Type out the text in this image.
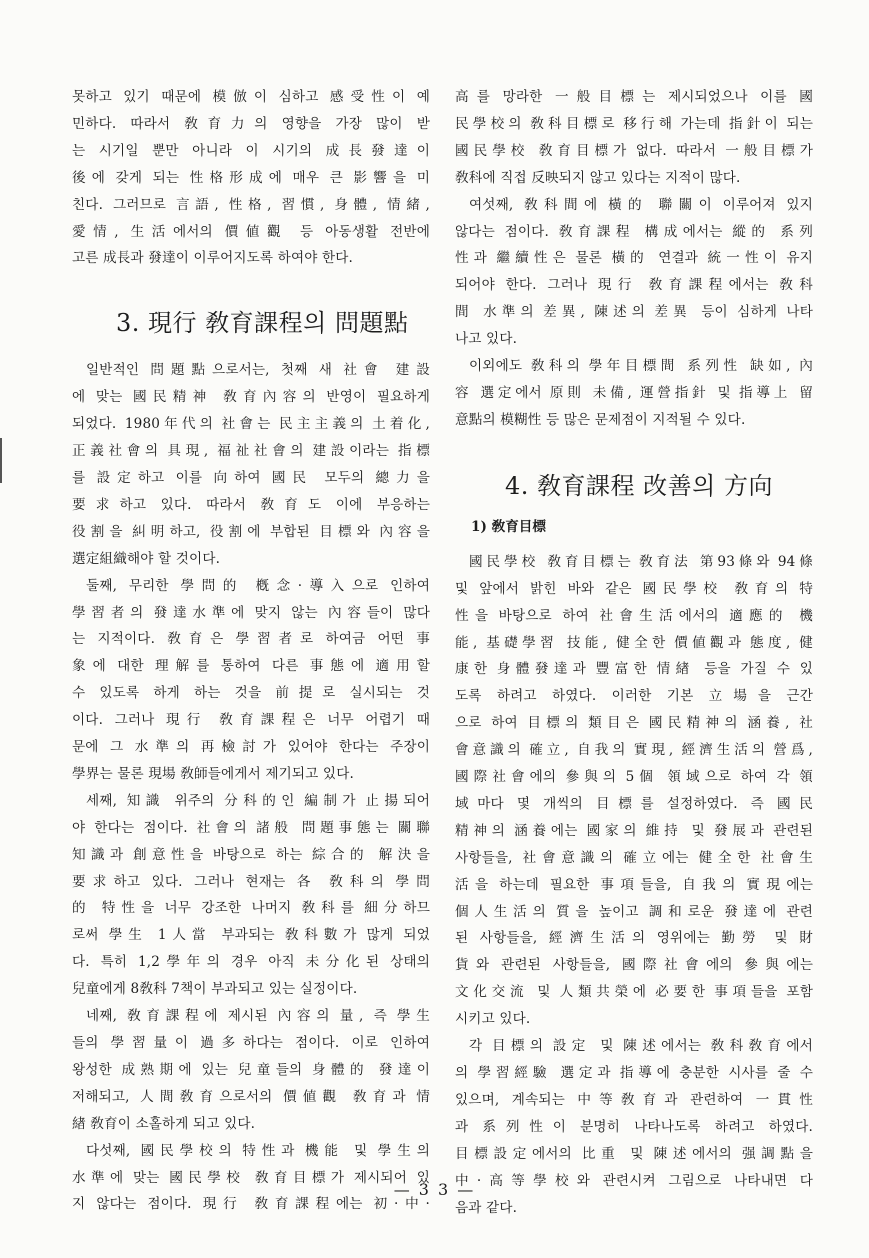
못하고 있기 때문에 模倣이 심하고 感受性이 예

민하다. 따라서 敎育力의 영향을 가장 많이 받

는 시기일 뿐만 아니라 이 시기의 成長發達이

後에 갖게 되는 性格形成에 매우 큰 影響을 미

친다. 그러므로 言語, 性格, 習慣, 身體, 情緒,

愛情, 生活에서의 價値觀 등 아동생활 전반에

고른 成長과 發達이 이루어지도록 하여야 한다.

3. 現行 敎育課程의 問題點

일반적인 問題點으로서는, 첫째 새 社會 建設

에 맞는 國民精神 敎育內容의 반영이 필요하게

되었다. 1980年代의 社會는 民主主義의 土着化,

正義社會의 具現, 福祉社會의 建設이라는 指標

를 設定하고 이를 向하여 國民 모두의 總力을

要求하고 있다. 따라서 敎育도 이에 부응하는

役割을 糾明하고, 役割에 부합된 目標와 內容을

選定組織해야 할 것이다.

둘째, 무리한 學問的 槪念·導入으로 인하여

學習者의 發達水準에 맞지 않는 內容들이 많다

는 지적이다. 敎育은 學習者로 하여금 어떤 事

象에 대한 理解를 통하여 다른 事態에 適用할

수 있도록 하게 하는 것을 前提로 실시되는 것

이다. 그러나 現行 敎育課程은 너무 어렵기 때

문에 그 水準의 再檢討가 있어야 한다는 주장이

學界는 물론 現場 敎師들에게서 제기되고 있다.

세째, 知識 위주의 分科的인 編制가 止揚되어

야 한다는 점이다. 社會의 諸般 問題事態는 關聯

知識과 創意性을 바탕으로 하는 綜合的 解決을

要求하고 있다. 그러나 현재는 各 敎科의 學問

的 特性을 너무 강조한 나머지 敎科를 細分하므

로써 學生 1人當 부과되는 敎科數가 많게 되었

다. 특히 1,2學年의 경우 아직 未分化된 상태의

兒童에게 8敎科 7책이 부과되고 있는 실정이다.

네째, 敎育課程에 제시된 內容의 量, 즉 學生

들의 學習量이 過多하다는 점이다. 이로 인하여

왕성한 成熟期에 있는 兒童들의 身體的 發達이

저해되고, 人間敎育으로서의 價値觀 敎育과 情

緖 敎育이 소홀하게 되고 있다.

다섯째, 國民學校의 特性과 機能 및 學生의

水準에 맞는 國民學校 敎育目標가 제시되어 있

지 않다는 점이다. 現行 敎育課程에는 初·中·

高를 망라한 一般目標는 제시되었으나 이를 國

民學校의 敎科目標로 移行해 가는데 指針이 되는

國民學校 敎育目標가 없다. 따라서 一般目標가

敎科에 직접 反映되지 않고 있다는 지적이 많다.

여섯째, 敎科間에 橫的 聯關이 이루어져 있지

않다는 점이다. 敎育課程 構成에서는 縱的 系列

性과 繼續性은 물론 橫的 연결과 統一性이 유지

되어야 한다. 그러나 現行 敎育課程에서는 敎科

間 水準의 差異, 陳述의 差異 등이 심하게 나타

나고 있다.

이외에도 敎科의 學年目標間 系列性 缺如, 內

容 選定에서 原則 未備, 運營指針 및 指導上 留

意點의 模糊性 등 많은 문제점이 지적될 수 있다.

4. 敎育課程 改善의 方向
1) 敎育目標

國民學校 敎育目標는 敎育法 第93條와 94條

및 앞에서 밝힌 바와 같은 國民學校 敎育의 特

性을 바탕으로 하여 社會生活에서의 適應的 機

能, 基礎學習 技能, 健全한 價値觀과 態度, 健

康한 身體發達과 豐富한 情緖 등을 가질 수 있

도록 하려고 하였다. 이러한 기본 立場을 근간

으로 하여 目標의 類目은 國民精神의 涵養, 社

會意識의 確立, 自我의 實現, 經濟生活의 營爲,

國際社會에의 參與의 5個 領域으로 하여 각 領

域마다 몇 개씩의 目標를 설정하였다. 즉 國民

精神의 涵養에는 國家의 維持 및 發展과 관련된

사항들을, 社會意識의 確立에는 健全한 社會生

活을 하는데 필요한 事項들을, 自我의 實現에는

個人生活의 質을 높이고 調和로운 發達에 관련

된 사항들을, 經濟生活의 영위에는 勤勞 및 財

貨와 관련된 사항들을, 國際社會에의 參與에는

文化交流 및 人類共榮에 必要한 事項들을 포함

시키고 있다.

각 目標의 設定 및 陳述에서는 敎科敎育에서

의 學習經驗 選定과 指導에 충분한 시사를 줄 수

있으며, 계속되는 中等敎育과 관련하여 一貫性

과 系列性이 분명히 나타나도록 하려고 하였다.

目標設定에서의 比重 및 陳述에서의 强調點을

中·高等學校와 관련시켜 그림으로 나타내면 다

음과 같다.

— 3 3 —
